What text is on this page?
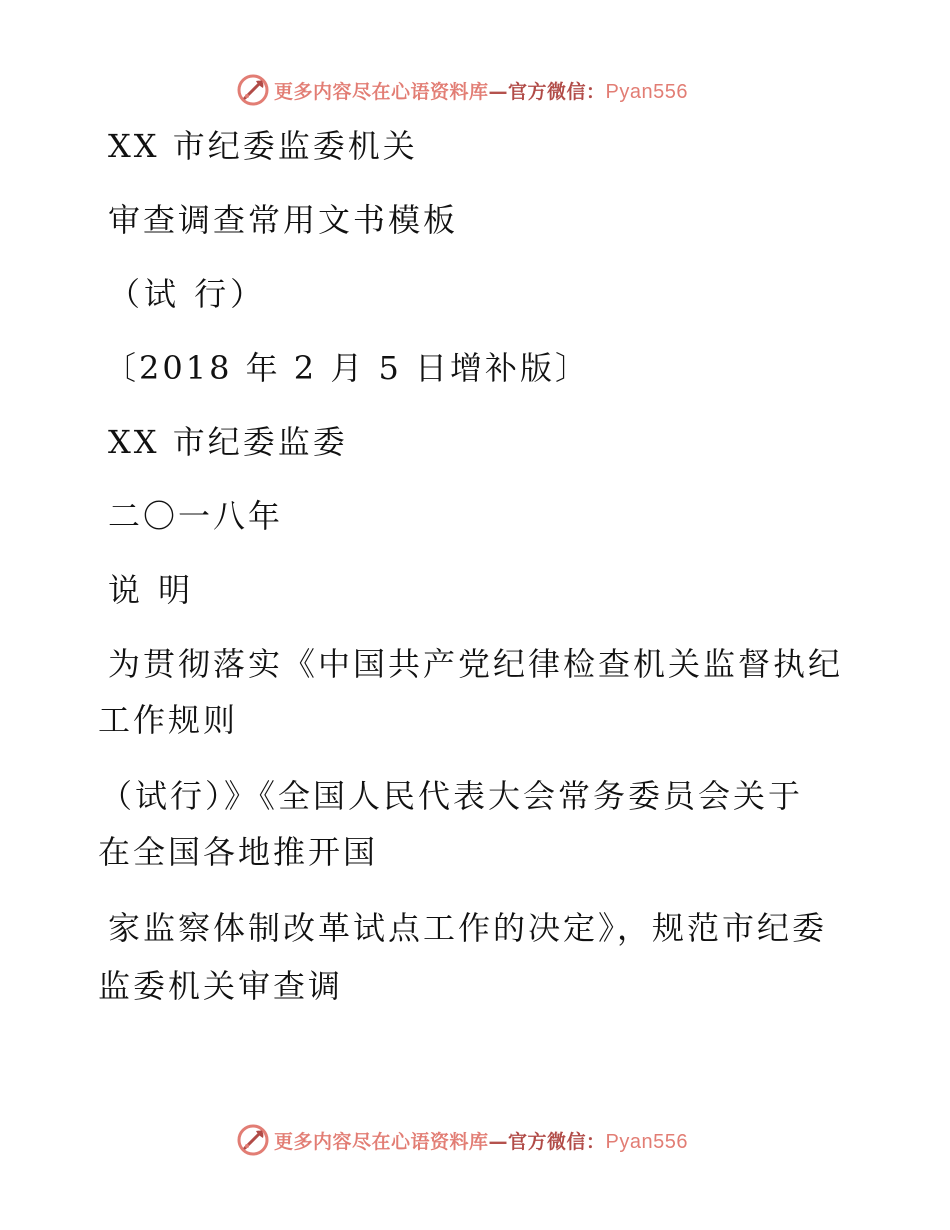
更多内容尽在心语资料库—官方微信：Pyan556
XX 市纪委监委机关
审查调查常用文书模板
（试 行）
〔2018 年 2 月 5 日增补版〕
XX 市纪委监委
二〇一八年
说 明
为贯彻落实《中国共产党纪律检查机关监督执纪
工作规则
（试行）》《全国人民代表大会常务委员会关于
在全国各地推开国
家监察体制改革试点工作的决定》，规范市纪委
监委机关审查调
更多内容尽在心语资料库—官方微信：Pyan556
